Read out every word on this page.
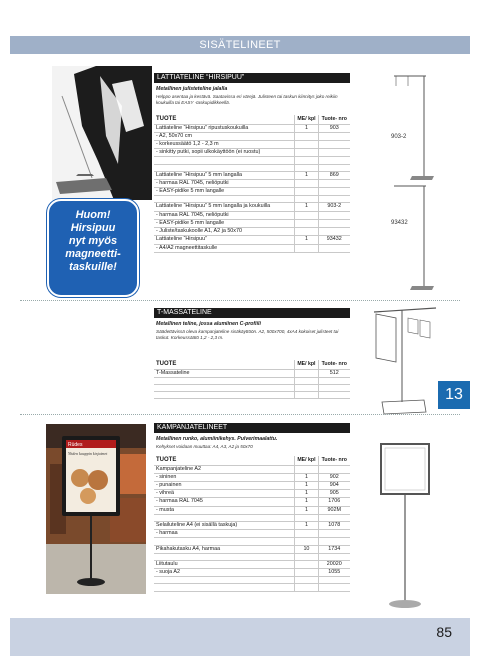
SISÄTELINEET
LATTIATELINE “HIRSIPUU”
Metallinen julisteteline jalalla
Helppo asentaa ja kestävä. Saatavissa eri värejä. Julisteen tai taskun kiinnitys joko reikiin koukuilla tai EASY -taskupidikkeellä.
TUOTE	ME/ kpl	Tuote- nro
Lattiateline “Hirsipuu” ripustuskoukuilla	1	903
- A2, 50x70 cm		
- korkeussäätö 1,2 - 2,3 m		
- sinkitty putki, sopii ulkokäyttöön (ei ruostu)		

Lattiateline “Hirsipuu” 5 mm langalla	1	869
- harmaa RAL 7045, neliöputki		
- EASY-pidike 5 mm langalle		

Lattiateline “Hirsipuu” 5 mm langalla ja koukuilla	1	903-2
- harmaa RAL 7045, neliöputki		
- EASY-pidike 5 mm langalle		
- Juliste/taskukoolle A1, A2 ja 50x70		
Lattiateline “Hirsipuu”	1	93432
- A4/A2 magneettitaskulle		
903-2
93432
Huom!
Hirsipuu
nyt myös
magneetti-
taskuille!
T-MASSATELINE
Metallinen teline, jossa alumiinen C-profiili
Säädettävissä oleva kampanjateline sisäkäyttöön. A2, 500x700, 4xA4 kokoiset julisteet tai taskut. Korkeussäätö 1,2 - 2,3 m.
TUOTE	ME/ kpl	Tuote- nro
T-Massateline		512

13
Rüdes
Yhden kauppin kirjaimet
KAMPANJATELINEET
Metallinen runko, alumiinikehys. Pulverimaalattu.
Kehykset voidaan muuttaa: A4, A3, A2 ja 50x70
TUOTE	ME/ kpl	Tuote- nro
Kampanjateline A2		
- sininen	1	902
- punainen	1	904
- vihreä	1	905
- harmaa RAL 7045	1	1706
- musta	1	902M

Selailuteline A4 (ei sisällä taskuja)	1	1078
- harmaa		

Pikahakutasku A4, harmaa	10	1734

Liitutaulu		20020
- suoja A2		1055

85
